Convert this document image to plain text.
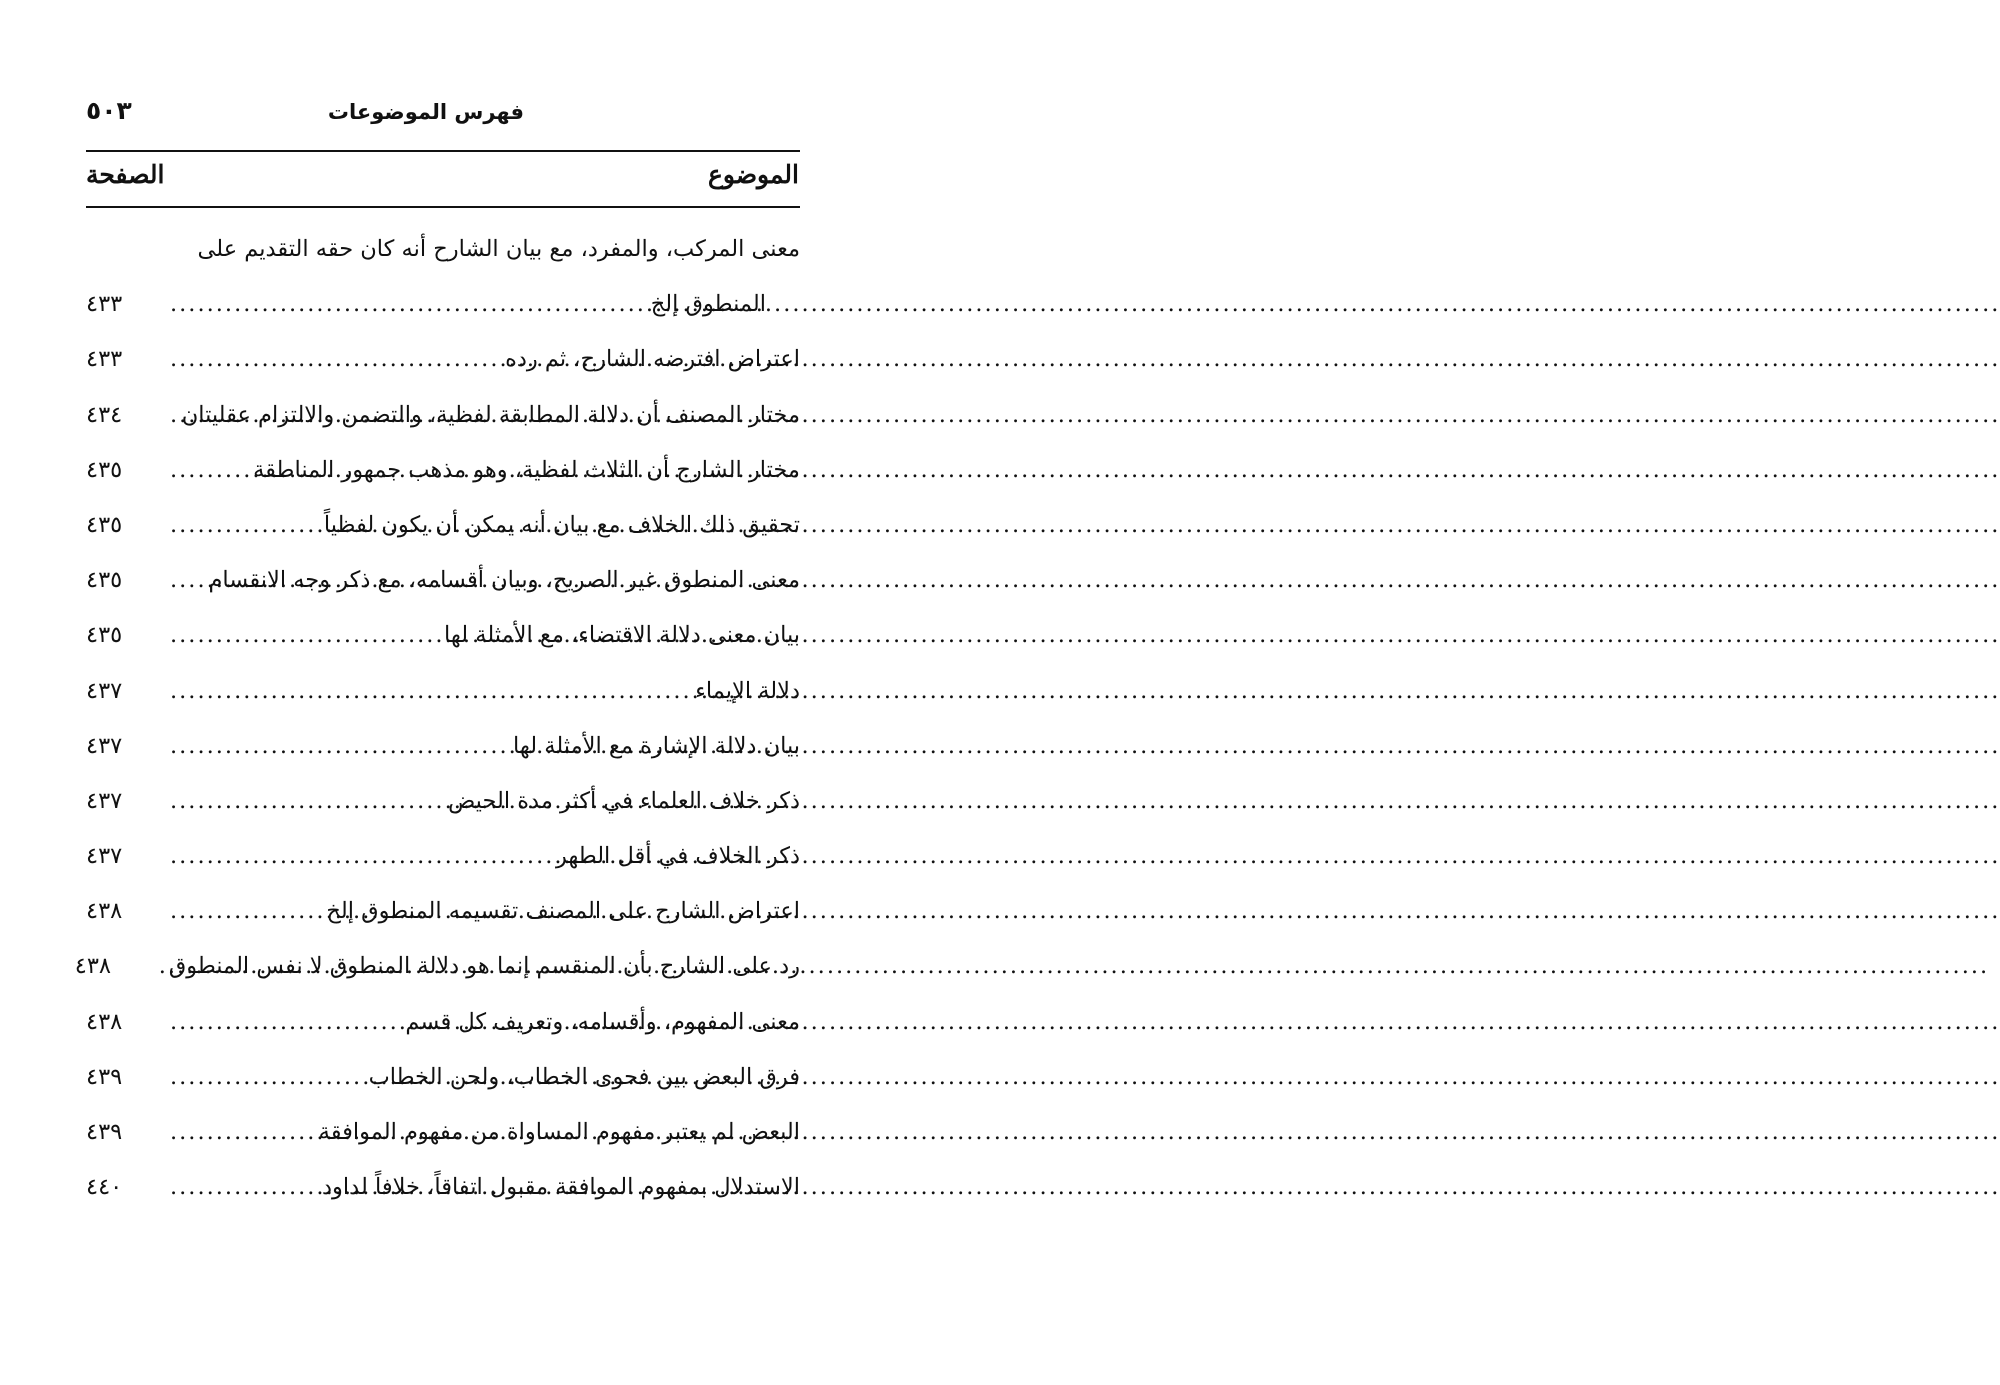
فهرس الموضوعات
٥٠٣
الموضوع
الصفحة
معنى المركب، والمفرد، مع بيان الشارح أنه كان حقه التقديم على
المنطوق إلخ
.....
٤٣٣
اعتراض افترضه الشارح، ثم رده
.....
٤٣٣
مختار المصنف أن دلالة المطابقة لفظية، والتضمن والالتزام عقليتان
.....
٤٣٤
مختار الشارح أن الثلاث لفظية، وهو مذهب جمهور المناطقة
.....
٤٣٥
تحقيق ذلك الخلاف مع بيان أنه يمكن أن يكون لفظياً
.....
٤٣٥
معنى المنطوق غير الصريح، وبيان أقسامه، مع ذكر وجه الانقسام
.....
٤٣٥
بيان معنى دلالة الاقتضاء، مع الأمثلة لها
.....
٤٣٥
دلالة الإيماء
.....
٤٣٧
بيان دلالة الإشارة مع الأمثلة لها
.....
٤٣٧
ذكر خلاف العلماء في أكثر مدة الحيض
.....
٤٣٧
ذكر الخلاف في أقل الطهر
.....
٤٣٧
اعتراض الشارح على المصنف تقسيمه المنطوق إلخ
.....
٤٣٨
رد على الشارح بأن المنقسم إنما هو دلالة المنطوق لا نفس المنطوق
.....
٤٣٨
معنى المفهوم، وأقسامه، وتعريف كل قسم
.....
٤٣٨
فرق البعض بين فحوى الخطاب، ولحن الخطاب
.....
٤٣٩
البعض لم يعتبر مفهوم المساواة من مفهوم الموافقة
.....
٤٣٩
الاستدلال بمفهوم الموافقة مقبول اتفاقاً، خلافاً لداود
.....
٤٤٠
